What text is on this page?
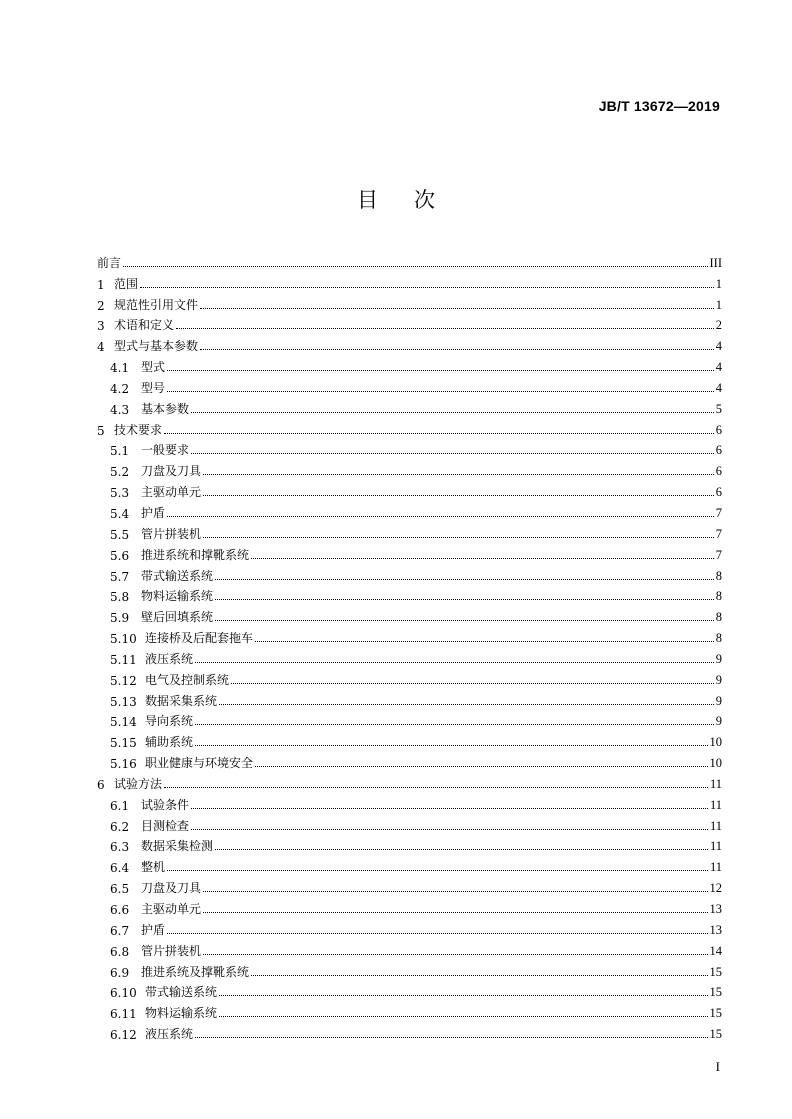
JB/T 13672—2019
目 次
前言	III
1 范围	1
2 规范性引用文件	1
3 术语和定义	2
4 型式与基本参数	4
4.1 型式	4
4.2 型号	4
4.3 基本参数	5
5 技术要求	6
5.1 一般要求	6
5.2 刀盘及刀具	6
5.3 主驱动单元	6
5.4 护盾	7
5.5 管片拼装机	7
5.6 推进系统和撑靴系统	7
5.7 带式输送系统	8
5.8 物料运输系统	8
5.9 壁后回填系统	8
5.10 连接桥及后配套拖车	8
5.11 液压系统	9
5.12 电气及控制系统	9
5.13 数据采集系统	9
5.14 导向系统	9
5.15 辅助系统	10
5.16 职业健康与环境安全	10
6 试验方法	11
6.1 试验条件	11
6.2 目测检查	11
6.3 数据采集检测	11
6.4 整机	11
6.5 刀盘及刀具	12
6.6 主驱动单元	13
6.7 护盾	13
6.8 管片拼装机	14
6.9 推进系统及撑靴系统	15
6.10 带式输送系统	15
6.11 物料运输系统	15
6.12 液压系统	15
I
